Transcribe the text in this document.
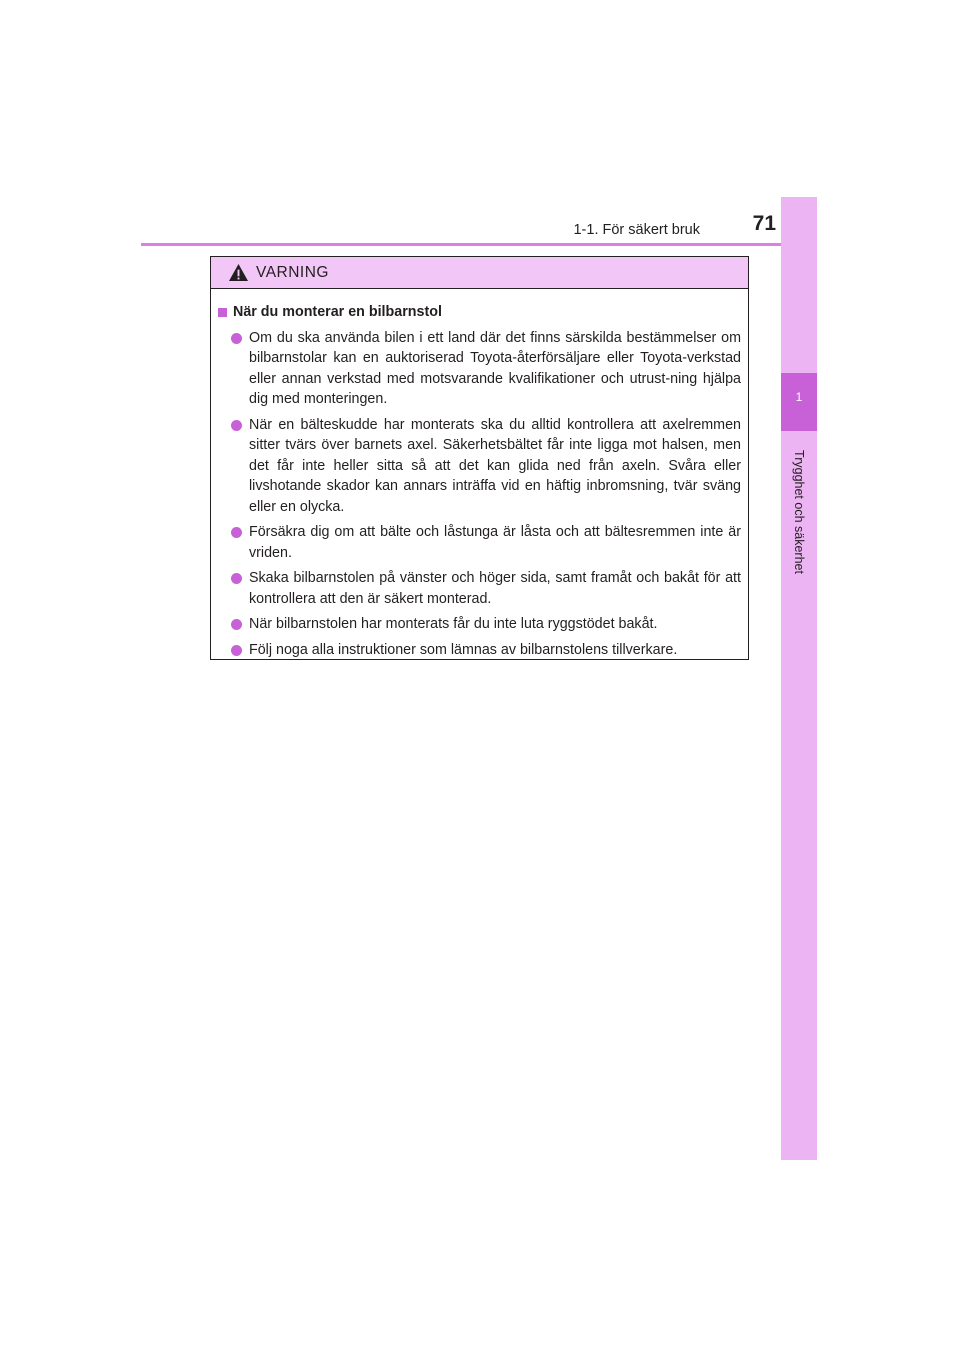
1-1. För säkert bruk	71
1
Trygghet och säkerhet
VARNING
När du monterar en bilbarnstol
Om du ska använda bilen i ett land där det finns särskilda bestämmelser om bilbarnstolar kan en auktoriserad Toyota-återförsäljare eller Toyota-verkstad eller annan verkstad med motsvarande kvalifikationer och utrust-ning hjälpa dig med monteringen.
När en bälteskudde har monterats ska du alltid kontrollera att axelremmen sitter tvärs över barnets axel. Säkerhetsbältet får inte ligga mot halsen, men det får inte heller sitta så att det kan glida ned från axeln. Svåra eller livshotande skador kan annars inträffa vid en häftig inbromsning, tvär sväng eller en olycka.
Försäkra dig om att bälte och låstunga är låsta och att bältesremmen inte är vriden.
Skaka bilbarnstolen på vänster och höger sida, samt framåt och bakåt för att kontrollera att den är säkert monterad.
När bilbarnstolen har monterats får du inte luta ryggstödet bakåt.
Följ noga alla instruktioner som lämnas av bilbarnstolens tillverkare.
